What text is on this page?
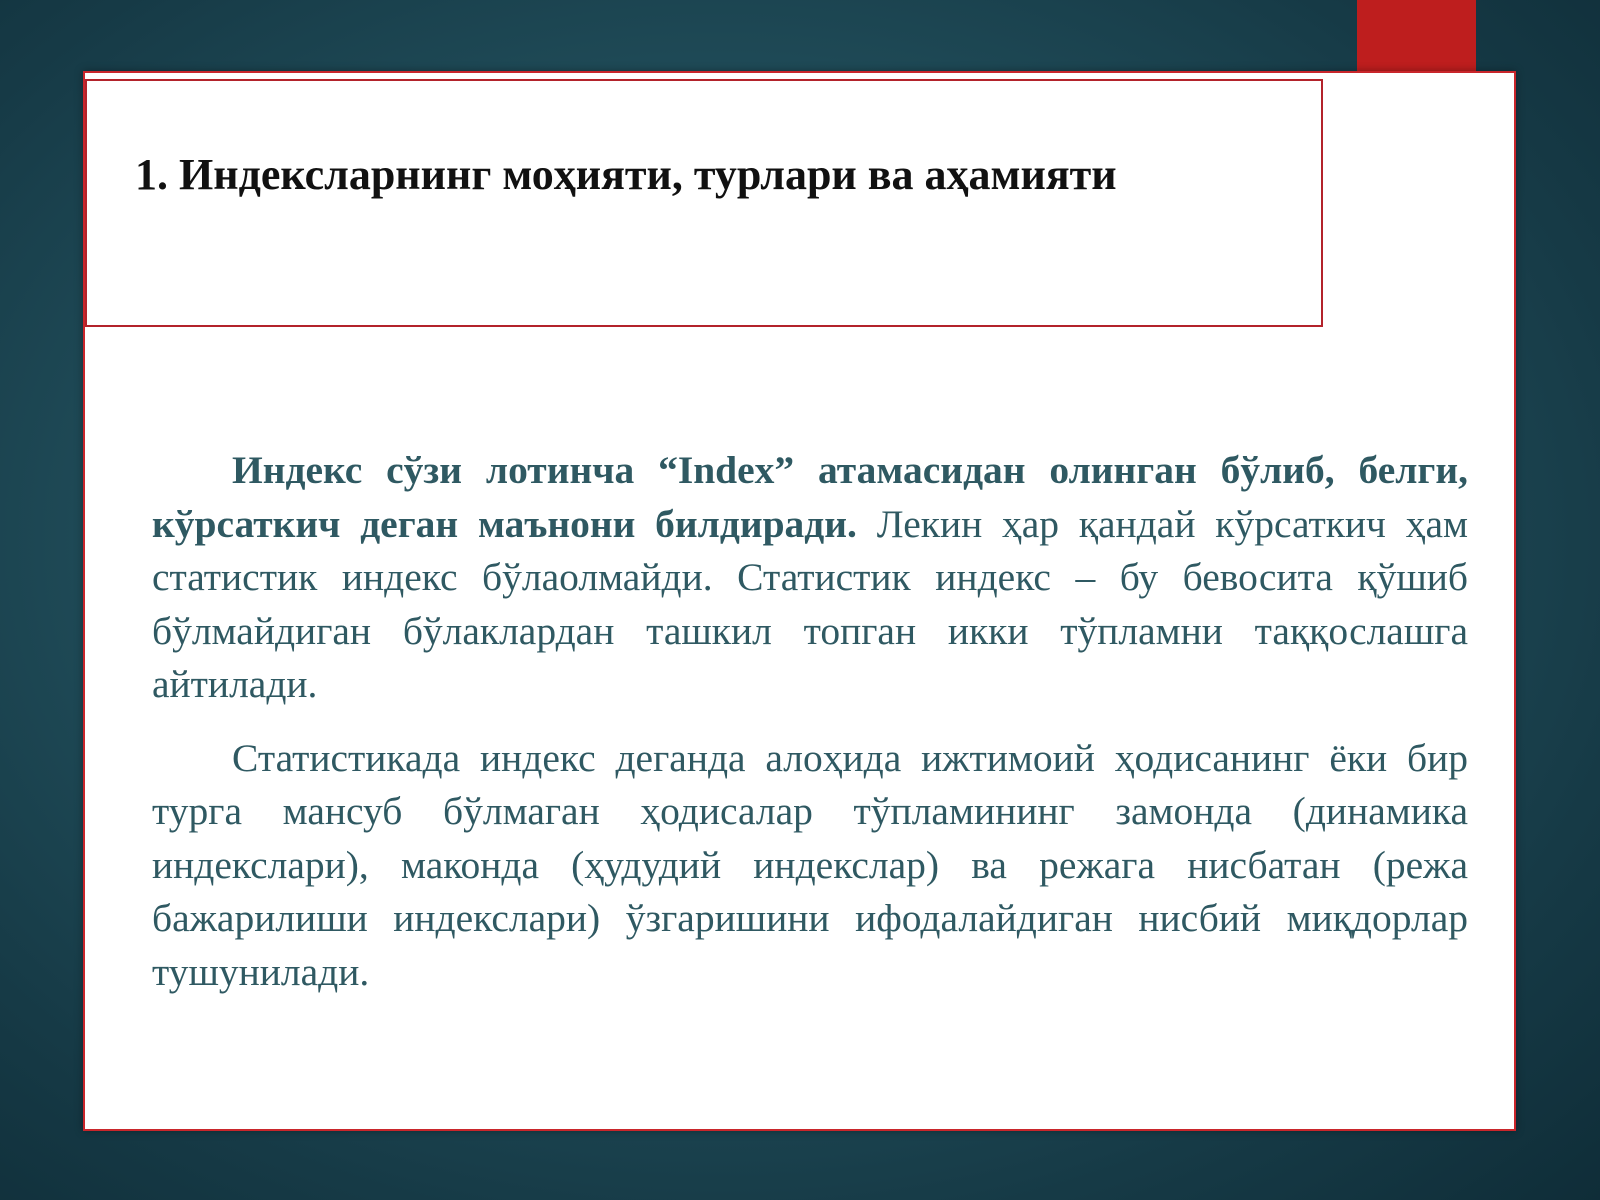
1. Индексларнинг моҳияти, турлари ва аҳамияти

Индекс сўзи лотинча “Index” атамасидан олинган бўлиб, белги, кўрсаткич деган маънони билдиради. Лекин ҳар қандай кўрсаткич ҳам статистик индекс бўлаолмайди. Статистик индекс – бу бевосита қўшиб бўлмайдиган бўлаклардан ташкил топган икки тўпламни таққослашга айтилади.

Статистикада индекс деганда алоҳида ижтимоий ҳодисанинг ёки бир турга мансуб бўлмаган ҳодисалар тўпламининг замонда (динамика индекслари), маконда (ҳудудий индекслар) ва режага нисбатан (режа бажарилиши индекслари) ўзгаришини ифодалайдиган нисбий миқдорлар тушунилади.
